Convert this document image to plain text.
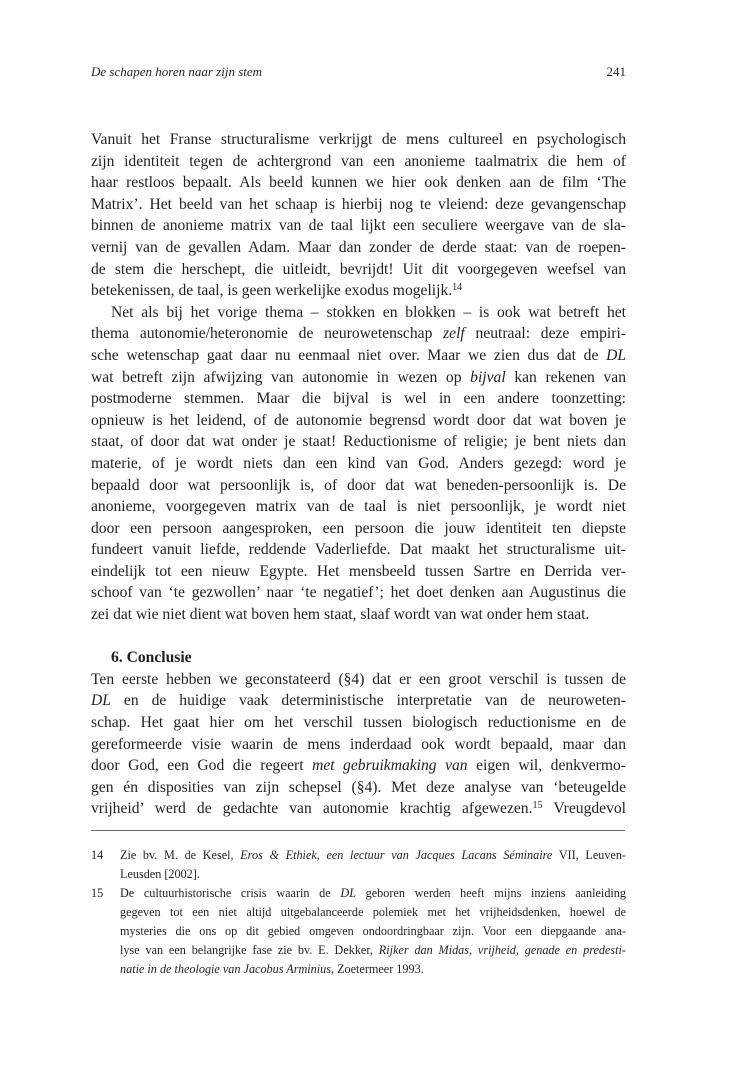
De schapen horen naar zijn stem	241
Vanuit het Franse structuralisme verkrijgt de mens cultureel en psychologisch
zijn identiteit tegen de achtergrond van een anonieme taalmatrix die hem of
haar restloos bepaalt. Als beeld kunnen we hier ook denken aan de film ‘The
Matrix’. Het beeld van het schaap is hierbij nog te vleiend: deze gevangenschap
binnen de anonieme matrix van de taal lijkt een seculiere weergave van de sla-
vernij van de gevallen Adam. Maar dan zonder de derde staat: van de roepen-
de stem die herschept, die uitleidt, bevrijdt! Uit dit voorgegeven weefsel van
betekenissen, de taal, is geen werkelijke exodus mogelijk.$^{14}$
Net als bij het vorige thema – stokken en blokken – is ook wat betreft het
thema autonomie/heteronomie de neurowetenschap zelf neutraal: deze empiri-
sche wetenschap gaat daar nu eenmaal niet over. Maar we zien dus dat de DL
wat betreft zijn afwijzing van autonomie in wezen op bijval kan rekenen van
postmoderne stemmen. Maar die bijval is wel in een andere toonzetting:
opnieuw is het leidend, of de autonomie begrensd wordt door dat wat boven je
staat, of door dat wat onder je staat! Reductionisme of religie; je bent niets dan
materie, of je wordt niets dan een kind van God. Anders gezegd: word je
bepaald door wat persoonlijk is, of door dat wat beneden-persoonlijk is. De
anonieme, voorgegeven matrix van de taal is niet persoonlijk, je wordt niet
door een persoon aangesproken, een persoon die jouw identiteit ten diepste
fundeert vanuit liefde, reddende Vaderliefde. Dat maakt het structuralisme uit-
eindelijk tot een nieuw Egypte. Het mensbeeld tussen Sartre en Derrida ver-
schoof van ‘te gezwollen’ naar ‘te negatief’; het doet denken aan Augustinus die
zei dat wie niet dient wat boven hem staat, slaaf wordt van wat onder hem staat.
6. Conclusie
Ten eerste hebben we geconstateerd (§4) dat er een groot verschil is tussen de
DL en de huidige vaak deterministische interpretatie van de neuroweten-
schap. Het gaat hier om het verschil tussen biologisch reductionisme en de
gereformeerde visie waarin de mens inderdaad ook wordt bepaald, maar dan
door God, een God die regeert met gebruikmaking van eigen wil, denkvermo-
gen én disposities van zijn schepsel (§4). Met deze analyse van ‘beteugelde
vrijheid’ werd de gedachte van autonomie krachtig afgewezen.$^{15}$ Vreugdevol
14 Zie bv. M. de Kesel, Eros & Ethiek, een lectuur van Jacques Lacans Séminaire VII, Leuven-
Leusden [2002].
15 De cultuurhistorische crisis waarin de DL geboren werden heeft mijns inziens aanleiding
gegeven tot een niet altijd uitgebalanceerde polemiek met het vrijheidsdenken, hoewel de
mysteries die ons op dit gebied omgeven ondoordringbaar zijn. Voor een diepgaande ana-
lyse van een belangrijke fase zie bv. E. Dekker, Rijker dan Midas, vrijheid, genade en predesti-
natie in de theologie van Jacobus Arminius, Zoetermeer 1993.
